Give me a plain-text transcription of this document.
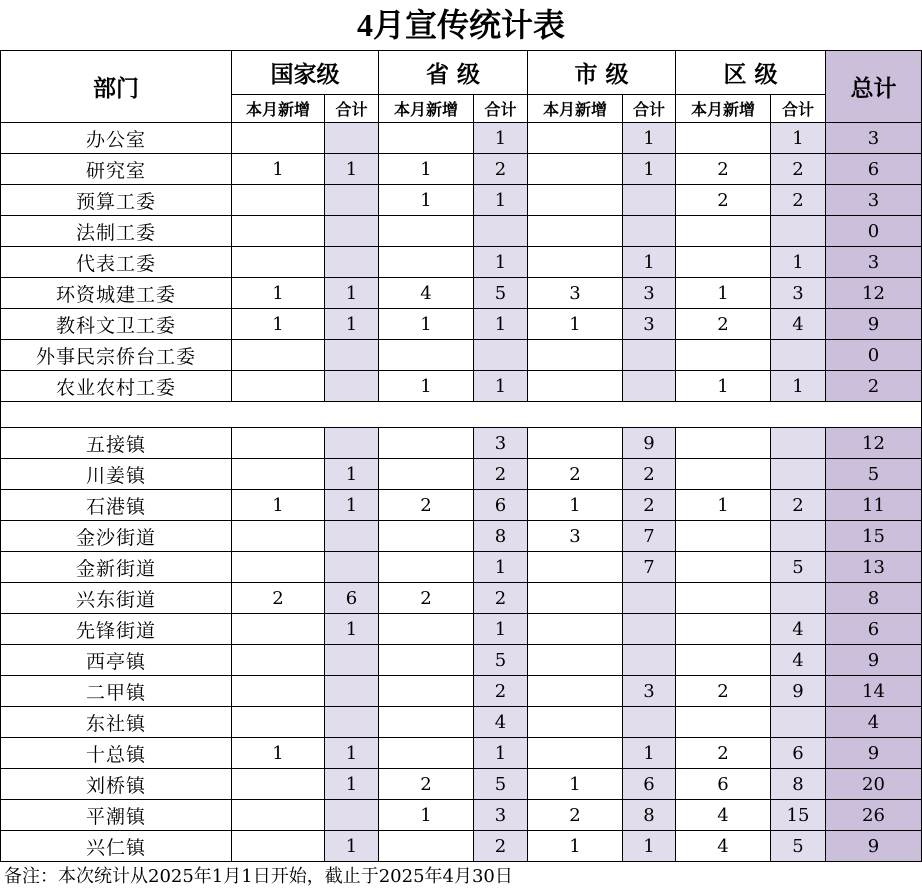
4月宣传统计表
部门	国家级		省 级		市 级		区 级		总计
	本月新增	合计	本月新增	合计	本月新增	合计	本月新增	合计	
办公室				1		1		1	3
研究室	1	1	1	2		1	2	2	6
预算工委			1	1			2	2	3
法制工委									0
代表工委				1		1		1	3
环资城建工委	1	1	4	5	3	3	1	3	12
教科文卫工委	1	1	1	1	1	3	2	4	9
外事民宗侨台工委									0
农业农村工委			1	1			1	1	2

五接镇				3		9			12
川姜镇		1		2	2	2			5
石港镇	1	1	2	6	1	2	1	2	11
金沙街道				8	3	7			15
金新街道				1		7		5	13
兴东街道	2	6	2	2					8
先锋街道		1		1				4	6
西亭镇				5				4	9
二甲镇				2		3	2	9	14
东社镇				4					4
十总镇	1	1		1		1	2	6	9
刘桥镇		1	2	5	1	6	6	8	20
平潮镇			1	3	2	8	4	15	26
兴仁镇		1		2	1	1	4	5	9
备注：本次统计从2025年1月1日开始，截止于2025年4月30日
